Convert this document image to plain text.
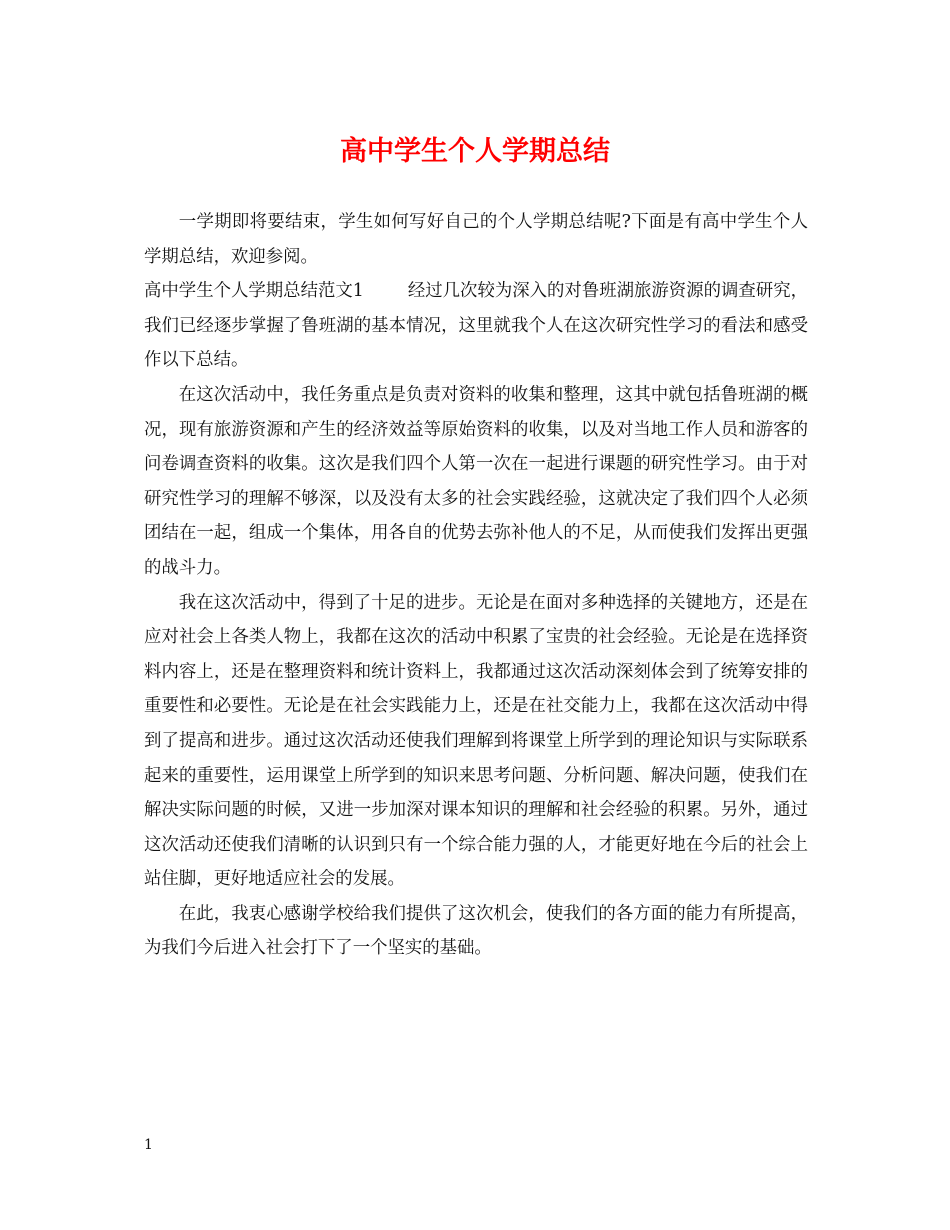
高中学生个人学期总结

一学期即将要结束，学生如何写好自己的个人学期总结呢?下面是有高中学生个人学期总结，欢迎参阅。

高中学生个人学期总结范文1	经过几次较为深入的对鲁班湖旅游资源的调查研究，我们已经逐步掌握了鲁班湖的基本情况，这里就我个人在这次研究性学习的看法和感受作以下总结。

在这次活动中，我任务重点是负责对资料的收集和整理，这其中就包括鲁班湖的概况，现有旅游资源和产生的经济效益等原始资料的收集，以及对当地工作人员和游客的问卷调查资料的收集。这次是我们四个人第一次在一起进行课题的研究性学习。由于对研究性学习的理解不够深，以及没有太多的社会实践经验，这就决定了我们四个人必须团结在一起，组成一个集体，用各自的优势去弥补他人的不足，从而使我们发挥出更强的战斗力。

我在这次活动中，得到了十足的进步。无论是在面对多种选择的关键地方，还是在应对社会上各类人物上，我都在这次的活动中积累了宝贵的社会经验。无论是在选择资料内容上，还是在整理资料和统计资料上，我都通过这次活动深刻体会到了统筹安排的重要性和必要性。无论是在社会实践能力上，还是在社交能力上，我都在这次活动中得到了提高和进步。通过这次活动还使我们理解到将课堂上所学到的理论知识与实际联系起来的重要性，运用课堂上所学到的知识来思考问题、分析问题、解决问题，使我们在解决实际问题的时候，又进一步加深对课本知识的理解和社会经验的积累。另外，通过这次活动还使我们清晰的认识到只有一个综合能力强的人，才能更好地在今后的社会上站住脚，更好地适应社会的发展。

在此，我衷心感谢学校给我们提供了这次机会，使我们的各方面的能力有所提高，为我们今后进入社会打下了一个坚实的基础。

1
